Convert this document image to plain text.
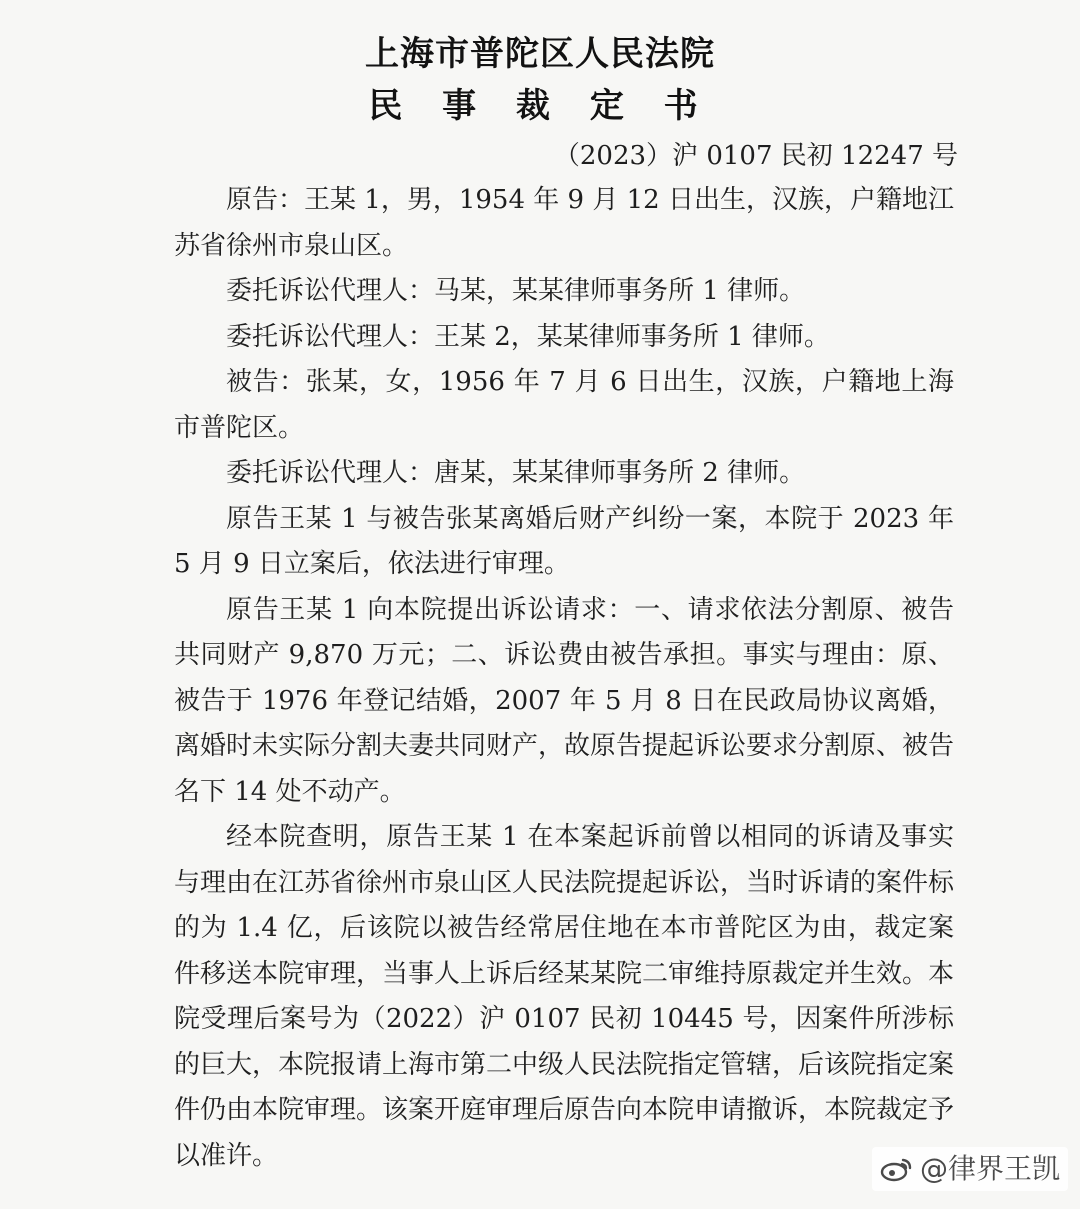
上海市普陀区人民法院
民 事 裁 定 书
（2023）沪 0107 民初 12247 号

原告：王某 1，男，1954 年 9 月 12 日出生，汉族，户籍地江苏省徐州市泉山区。

委托诉讼代理人：马某，某某律师事务所 1 律师。

委托诉讼代理人：王某 2，某某律师事务所 1 律师。

被告：张某，女，1956 年 7 月 6 日出生，汉族，户籍地上海市普陀区。

委托诉讼代理人：唐某，某某律师事务所 2 律师。

原告王某 1 与被告张某离婚后财产纠纷一案，本院于 2023 年 5 月 9 日立案后，依法进行审理。

原告王某 1 向本院提出诉讼请求：一、请求依法分割原、被告共同财产 9,870 万元；二、诉讼费由被告承担。事实与理由：原、被告于 1976 年登记结婚，2007 年 5 月 8 日在民政局协议离婚，离婚时未实际分割夫妻共同财产，故原告提起诉讼要求分割原、被告名下 14 处不动产。

经本院查明，原告王某 1 在本案起诉前曾以相同的诉请及事实与理由在江苏省徐州市泉山区人民法院提起诉讼，当时诉请的案件标的为 1.4 亿，后该院以被告经常居住地在本市普陀区为由，裁定案件移送本院审理，当事人上诉后经某某院二审维持原裁定并生效。本院受理后案号为（2022）沪 0107 民初 10445 号，因案件所涉标的巨大，本院报请上海市第二中级人民法院指定管辖，后该院指定案件仍由本院审理。该案开庭审理后原告向本院申请撤诉，本院裁定予以准许。	@律界王凯
